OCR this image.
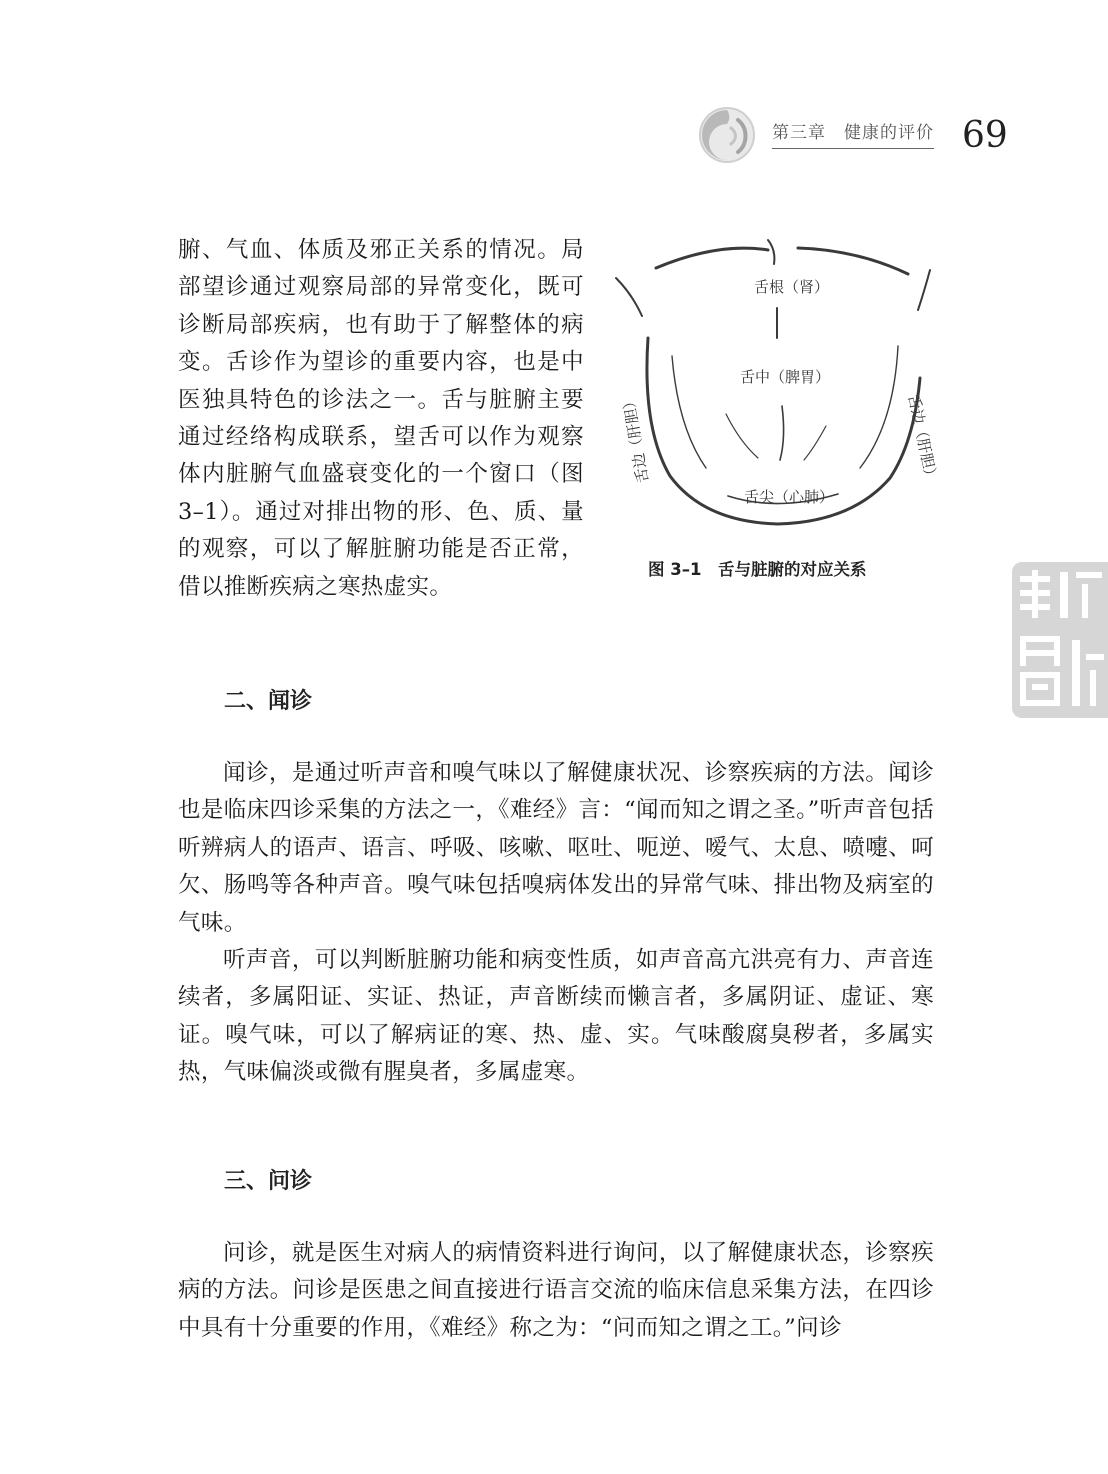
第三章　健康的评价 69
腑、气血、体质及邪正关系的情况。局部望诊通过观察局部的异常变化，既可诊断局部疾病，也有助于了解整体的病变。舌诊作为望诊的重要内容，也是中医独具特色的诊法之一。舌与脏腑主要通过经络构成联系，望舌可以作为观察体内脏腑气血盛衰变化的一个窗口（图3–1）。通过对排出物的形、色、质、量的观察，可以了解脏腑功能是否正常，借以推断疾病之寒热虚实。
舌根（肾）
舌中（脾胃）
舌尖（心肺）
舌边（肝胆）	舌边（肝胆）
图 3–1　舌与脏腑的对应关系
二、闻诊

闻诊，是通过听声音和嗅气味以了解健康状况、诊察疾病的方法。闻诊也是临床四诊采集的方法之一，《难经》言：“闻而知之谓之圣。”听声音包括听辨病人的语声、语言、呼吸、咳嗽、呕吐、呃逆、嗳气、太息、喷嚏、呵欠、肠鸣等各种声音。嗅气味包括嗅病体发出的异常气味、排出物及病室的气味。

听声音，可以判断脏腑功能和病变性质，如声音高亢洪亮有力、声音连续者，多属阳证、实证、热证，声音断续而懒言者，多属阴证、虚证、寒证。嗅气味，可以了解病证的寒、热、虚、实。气味酸腐臭秽者，多属实热，气味偏淡或微有腥臭者，多属虚寒。

三、问诊

问诊，就是医生对病人的病情资料进行询问，以了解健康状态，诊察疾病的方法。问诊是医患之间直接进行语言交流的临床信息采集方法，在四诊中具有十分重要的作用，《难经》称之为：“问而知之谓之工。”问诊
